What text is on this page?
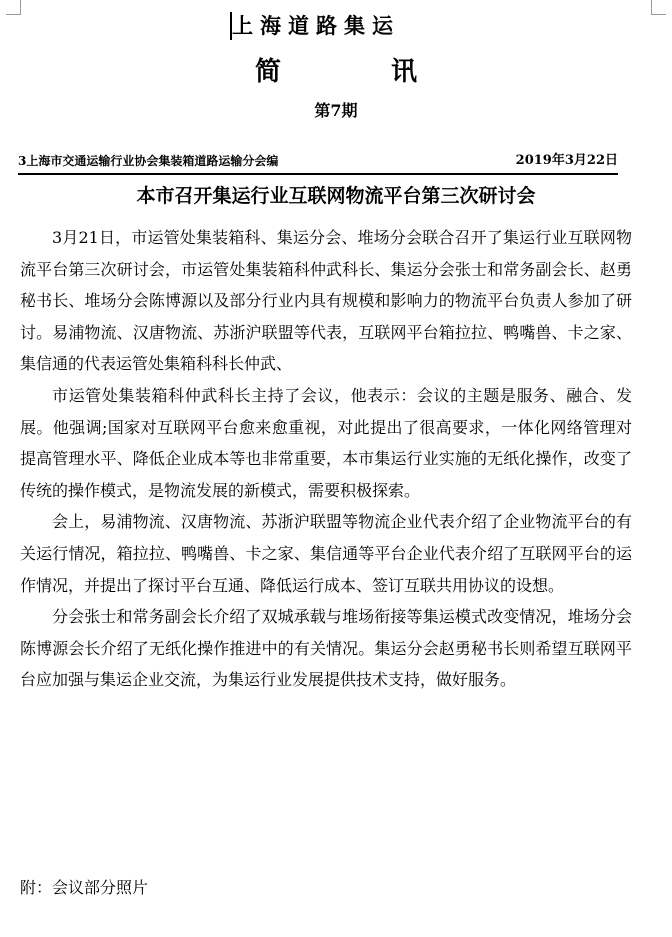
上海道路集运
简	讯
第7期
3上海市交通运输行业协会集装箱道路运输分会编	2019年3月22日
本市召开集运行业互联网物流平台第三次研讨会

3月21日，市运管处集装箱科、集运分会、堆场分会联合召开了集运行业互联网物流平台第三次研讨会，市运管处集装箱科仲武科长、集运分会张士和常务副会长、赵勇秘书长、堆场分会陈博源以及部分行业内具有规模和影响力的物流平台负责人参加了研讨。易浦物流、汉唐物流、苏浙沪联盟等代表，互联网平台箱拉拉、鸭嘴兽、卡之家、集信通的代表运管处集箱科科长仲武、

市运管处集装箱科仲武科长主持了会议，他表示：会议的主题是服务、融合、发展。他强调;国家对互联网平台愈来愈重视，对此提出了很高要求，一体化网络管理对提高管理水平、降低企业成本等也非常重要，本市集运行业实施的无纸化操作，改变了传统的操作模式，是物流发展的新模式，需要积极探索。

会上，易浦物流、汉唐物流、苏浙沪联盟等物流企业代表介绍了企业物流平台的有关运行情况，箱拉拉、鸭嘴兽、卡之家、集信通等平台企业代表介绍了互联网平台的运作情况，并提出了探讨平台互通、降低运行成本、签订互联共用协议的设想。

分会张士和常务副会长介绍了双城承载与堆场衔接等集运模式改变情况，堆场分会陈博源会长介绍了无纸化操作推进中的有关情况。集运分会赵勇秘书长则希望互联网平台应加强与集运企业交流，为集运行业发展提供技术支持，做好服务。

附：会议部分照片
